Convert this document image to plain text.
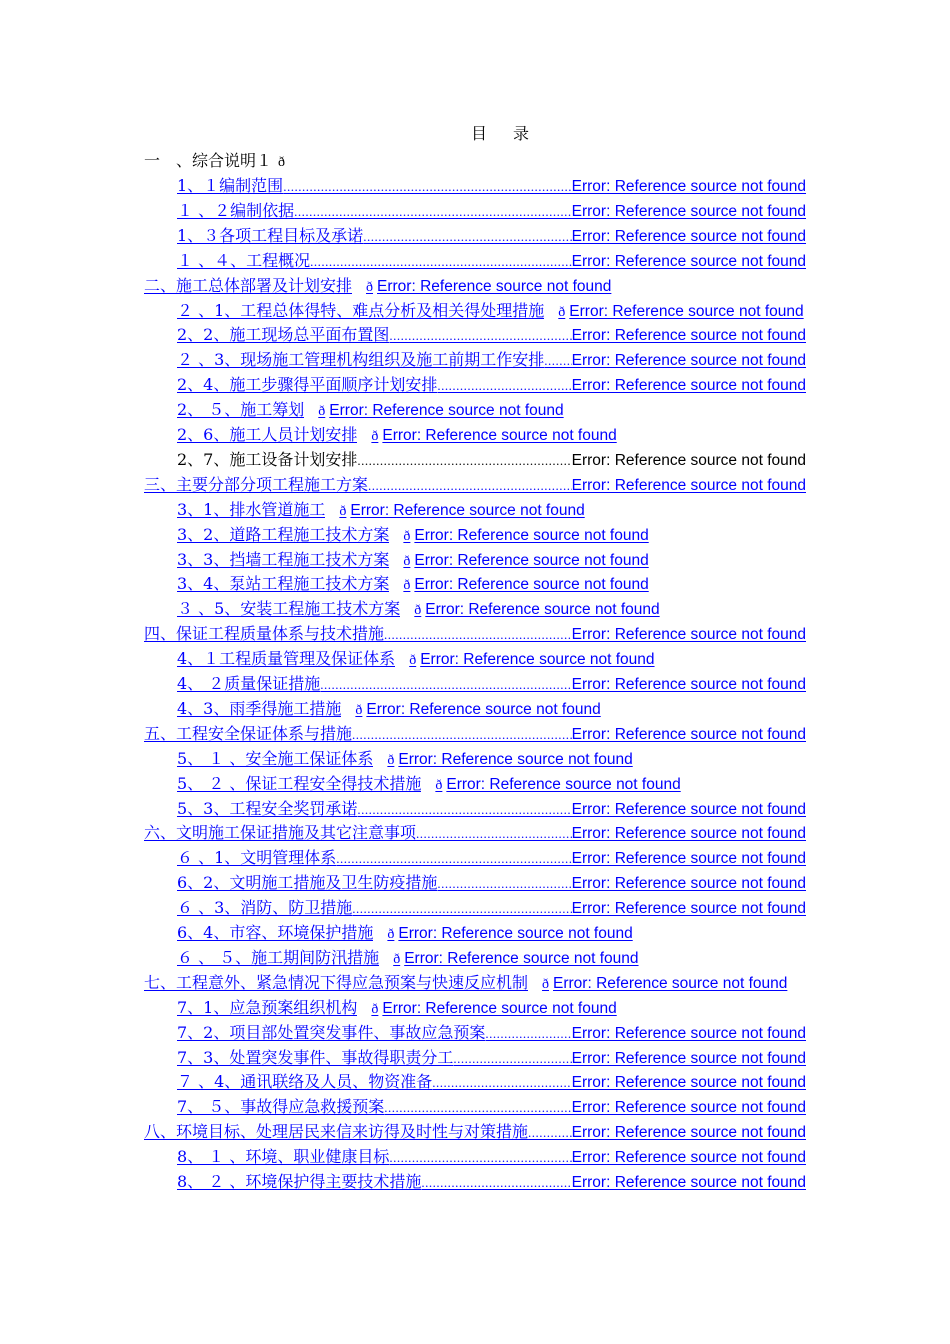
目 录
一　、综合说明１ ð
1、１编制范围 .....	Error: Reference source not found
１ 、２编制依据 .....	Error: Reference source not found
1、３各项工程目标及承诺 .....	Error: Reference source not found
１ 、４、工程概况 .....	Error: Reference source not found
二、施工总体部署及计划安排	ð Error: Reference source not found
２ 、1、工程总体得特、难点分析及相关得处理措施	ð Error: Reference source not found
2、2、施工现场总平面布置图 .....	Error: Reference source not found
２ 、3、现场施工管理机构组织及施工前期工作安排 ..... Error: Reference source not found
2、4、施工步骤得平面顺序计划安排 .....	Error: Reference source not found
2、 ５、施工筹划	ð Error: Reference source not found
2、6、施工人员计划安排	ð Error: Reference source not found
2、7、施工设备计划安排 .....	Error: Reference source not found
三、主要分部分项工程施工方案 .....	Error: Reference source not found
3、1、排水管道施工	ð Error: Reference source not found
3、2、道路工程施工技术方案	ð Error: Reference source not found
3、3、挡墙工程施工技术方案	ð Error: Reference source not found
3、4、泵站工程施工技术方案	ð Error: Reference source not found
３ 、5、安装工程施工技术方案	ð Error: Reference source not found
四、保证工程质量体系与技术措施 .....	Error: Reference source not found
4、１工程质量管理及保证体系	ð Error: Reference source not found
4、 ２质量保证措施 .....	Error: Reference source not found
4、3、雨季得施工措施	ð Error: Reference source not found
五、工程安全保证体系与措施 .....	Error: Reference source not found
5、 １ 、安全施工保证体系	ð Error: Reference source not found
5、 ２ 、保证工程安全得技术措施	ð Error: Reference source not found
5、3、工程安全奖罚承诺 .....	Error: Reference source not found
六、文明施工保证措施及其它注意事项 .....	Error: Reference source not found
６ 、1、文明管理体系 .....	Error: Reference source not found
6、2、文明施工措施及卫生防疫措施 .....	Error: Reference source not found
６ 、3、消防、防卫措施 .....	Error: Reference source not found
6、4、市容、环境保护措施	ð Error: Reference source not found
６ 、 ５、施工期间防汛措施	ð Error: Reference source not found
七、工程意外、紧急情况下得应急预案与快速反应机制	ð Error: Reference source not found
7、1、应急预案组织机构	ð Error: Reference source not found
7、2、项目部处置突发事件、事故应急预案 .....	Error: Reference source not found
7、3、处置突发事件、事故得职责分工 .....	Error: Reference source not found
７ 、4、通讯联络及人员、物资准备 .....	Error: Reference source not found
7、 ５、事故得应急救援预案 .....	Error: Reference source not found
八、环境目标、处理居民来信来访得及时性与对策措施 .....	Error: Reference source not found
8、 １ 、环境、职业健康目标 .....	Error: Reference source not found
8、 ２ 、环境保护得主要技术措施 .....	Error: Reference source not found
